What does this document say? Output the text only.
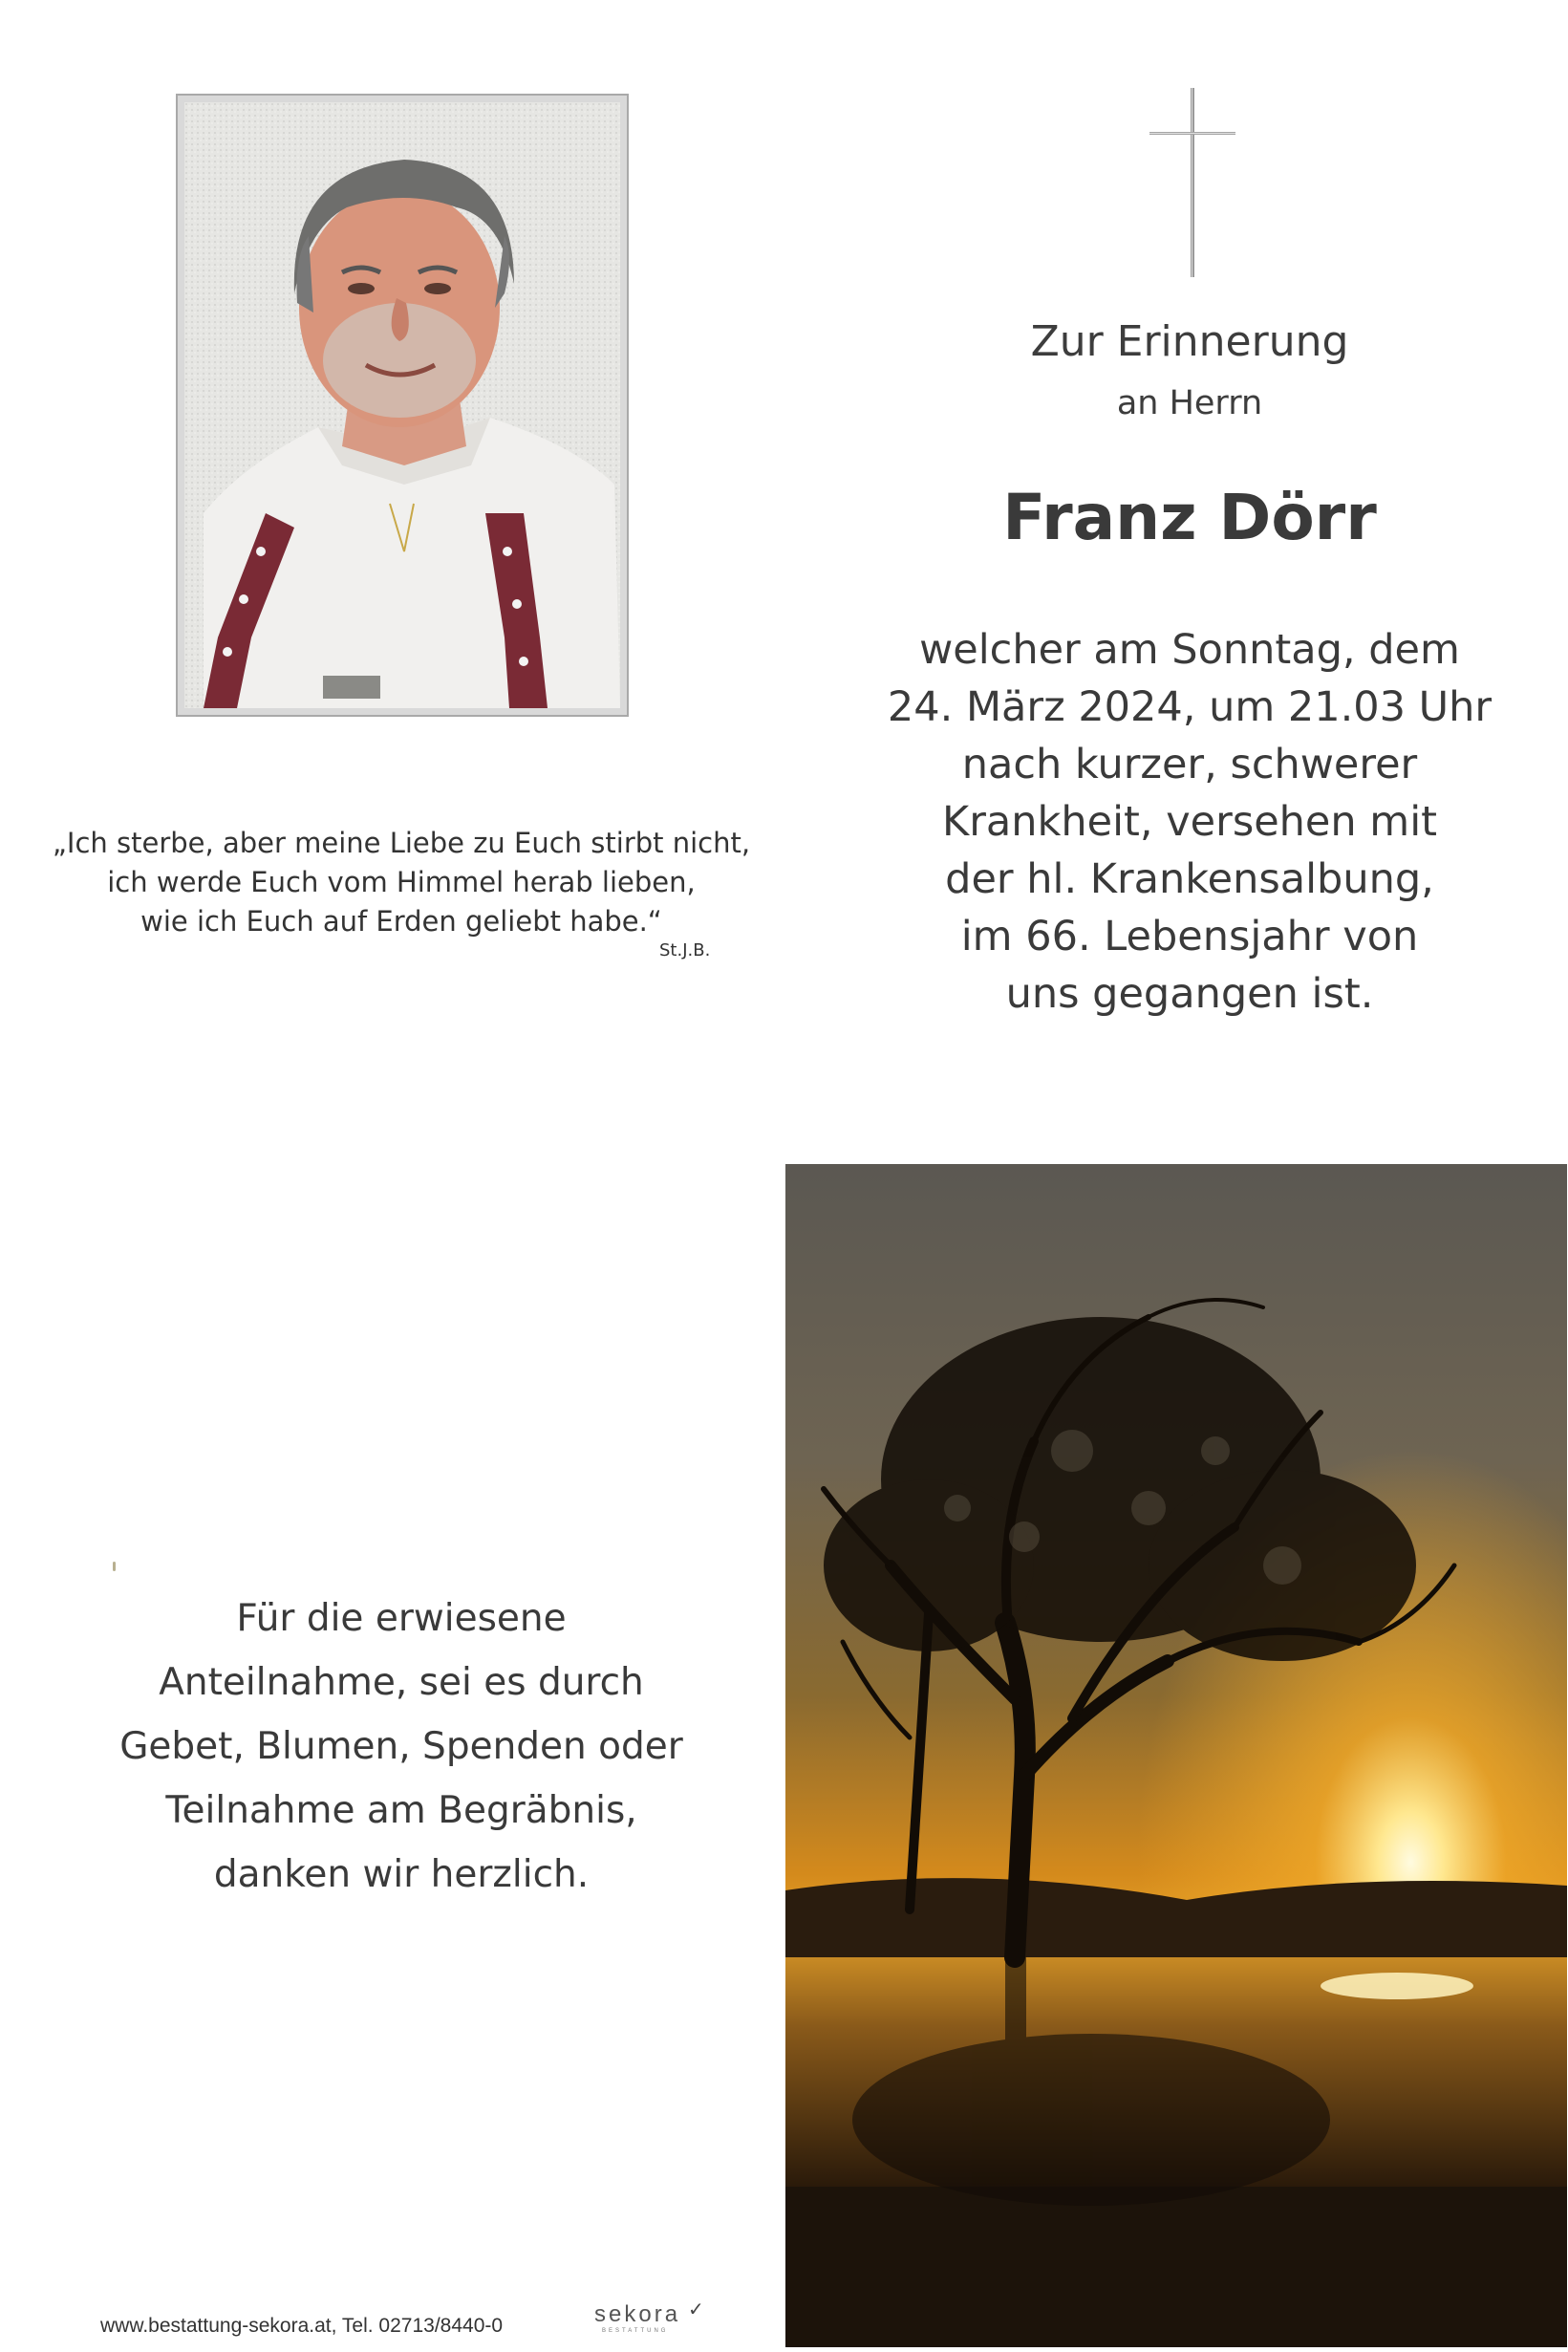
„Ich sterbe, aber meine Liebe zu Euch stirbt nicht,
ich werde Euch vom Himmel herab lieben,
wie ich Euch auf Erden geliebt habe.“
St.J.B.
Zur Erinnerung
an Herrn
Franz Dörr
welcher am Sonntag, dem
24. März 2024, um 21.03 Uhr
nach kurzer, schwerer
Krankheit, versehen mit
der hl. Krankensalbung,
im 66. Lebensjahr von
uns gegangen ist.
Für die erwiesene
Anteilnahme, sei es durch
Gebet, Blumen, Spenden oder
Teilnahme am Begräbnis,
danken wir herzlich.
www.bestattung-sekora.at, Tel. 02713/8440-0	sekora ✓
BESTATTUNG
